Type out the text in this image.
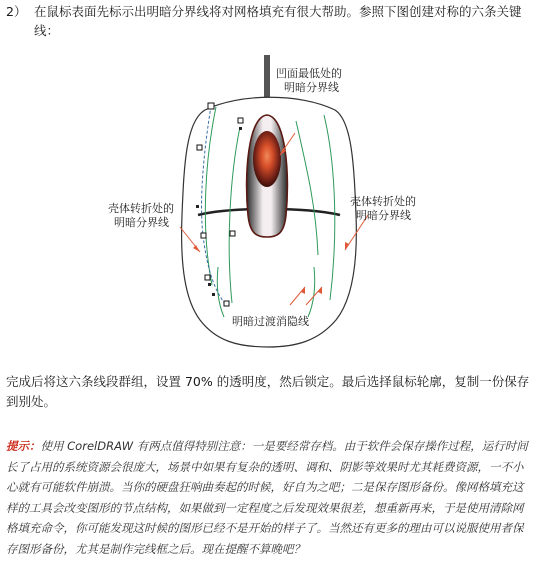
2） 在鼠标表面先标示出明暗分界线将对网格填充有很大帮助。参照下图创建对称的六条关键线：
凹面最低处的
明暗分界线
壳体转折处的
明暗分界线
壳体转折处的
明暗分界线
明暗过渡消隐线
完成后将这六条线段群组，设置 70% 的透明度，然后锁定。最后选择鼠标轮廓，复制一份保存到别处。
提示：使用 CorelDRAW 有两点值得特别注意：一是要经常存档。由于软件会保存操作过程，运行时间长了占用的系统资源会很庞大，场景中如果有复杂的透明、调和、阴影等效果时尤其耗费资源，一不小心就有可能软件崩溃。当你的硬盘狂响曲奏起的时候，好自为之吧；二是保存图形备份。像网格填充这样的工具会改变图形的节点结构，如果做到一定程度之后发现效果很差，想重新再来，于是使用清除网格填充命令，你可能发现这时候的图形已经不是开始的样子了。当然还有更多的理由可以说服使用者保存图形备份，尤其是制作完线框之后。现在提醒不算晚吧？
